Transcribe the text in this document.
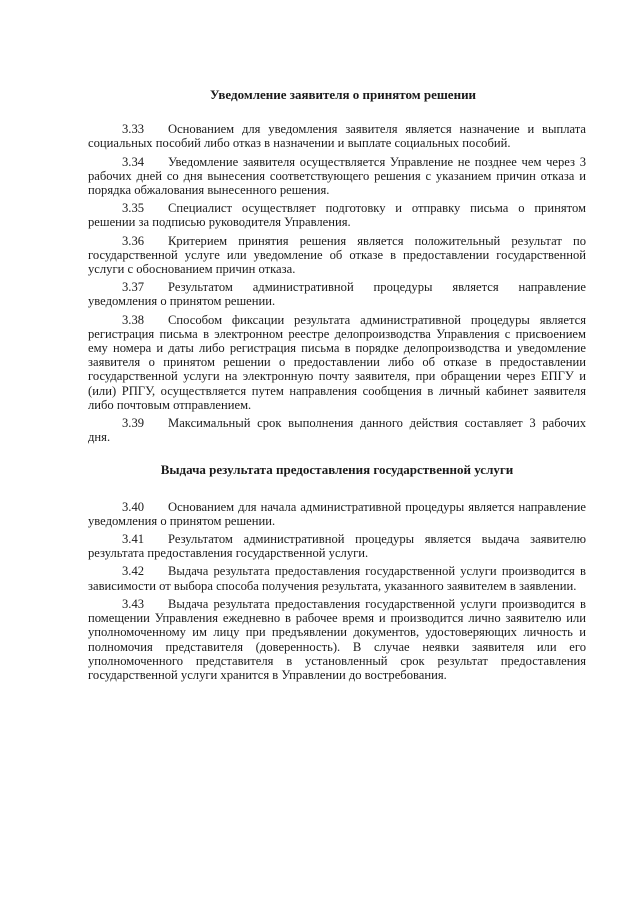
Уведомление заявителя о принятом решении

3.33 Основанием для уведомления заявителя является назначение и выплата социальных пособий либо отказ в назначении и выплате социальных пособий.

3.34 Уведомление заявителя осуществляется Управление не позднее чем через 3 рабочих дней со дня вынесения соответствующего решения с указанием причин отказа и порядка обжалования вынесенного решения.

3.35 Специалист осуществляет подготовку и отправку письма о принятом решении за подписью руководителя Управления.

3.36 Критерием принятия решения является положительный результат по государственной услуге или уведомление об отказе в предоставлении государственной услуги с обоснованием причин отказа.

3.37 Результатом административной процедуры является направление уведомления о принятом решении.

3.38 Способом фиксации результата административной процедуры является регистрация письма в электронном реестре делопроизводства Управления с присвоением ему номера и даты либо регистрация письма в порядке делопроизводства и уведомление заявителя о принятом решении о предоставлении либо об отказе в предоставлении государственной услуги на электронную почту заявителя, при обращении через ЕПГУ и (или) РПГУ, осуществляется путем направления сообщения в личный кабинет заявителя либо почтовым отправлением.

3.39 Максимальный срок выполнения данного действия составляет 3 рабочих дня.

Выдача результата предоставления государственной услуги

3.40 Основанием для начала административной процедуры является направление уведомления о принятом решении.

3.41 Результатом административной процедуры является выдача заявителю результата предоставления государственной услуги.

3.42 Выдача результата предоставления государственной услуги производится в зависимости от выбора способа получения результата, указанного заявителем в заявлении.

3.43 Выдача результата предоставления государственной услуги производится в помещении Управления ежедневно в рабочее время и производится лично заявителю или уполномоченному им лицу при предъявлении документов, удостоверяющих личность и полномочия представителя (доверенность). В случае неявки заявителя или его уполномоченного представителя в установленный срок результат предоставления государственной услуги хранится в Управлении до востребования.
